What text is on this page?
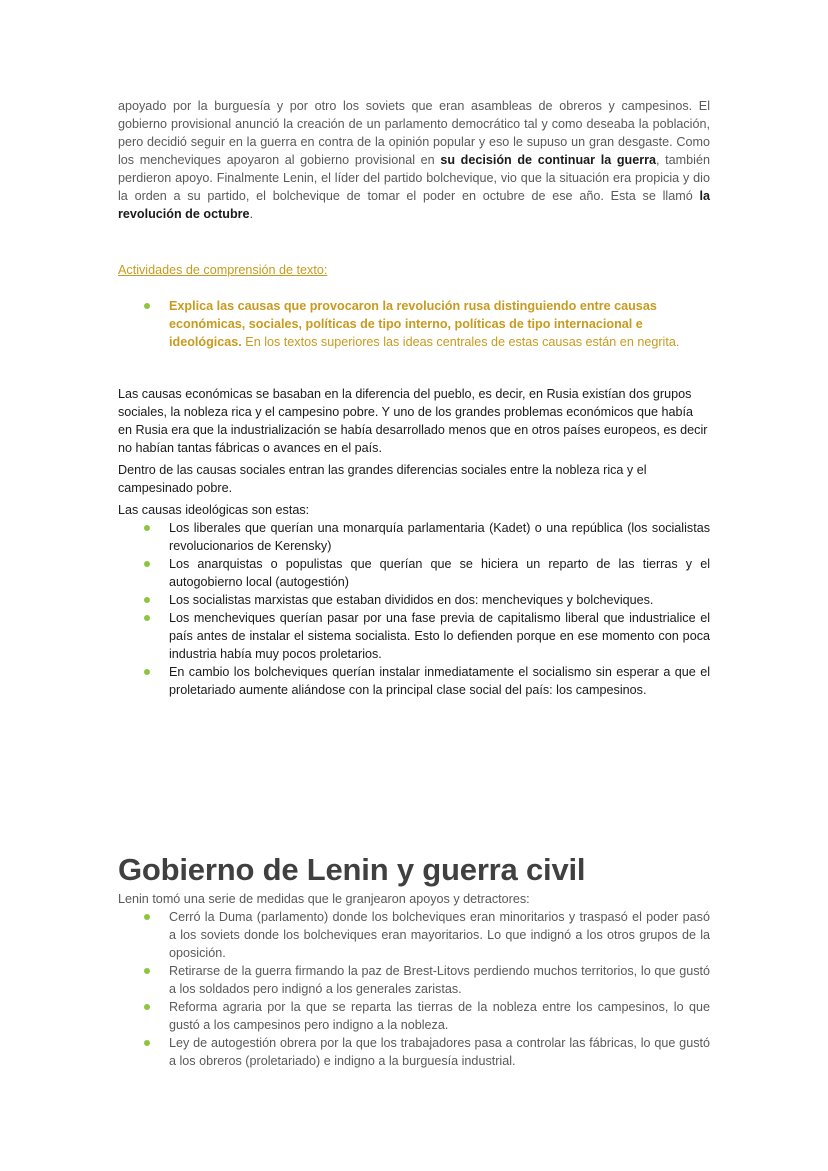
apoyado por la burguesía y por otro los soviets que eran asambleas de obreros y campesinos. El gobierno provisional anunció la creación de un parlamento democrático tal y como deseaba la población, pero decidió seguir en la guerra en contra de la opinión popular y eso le supuso un gran desgaste. Como los mencheviques apoyaron al gobierno provisional en su decisión de continuar la guerra, también perdieron apoyo. Finalmente Lenin, el líder del partido bolchevique, vio que la situación era propicia y dio la orden a su partido, el bolchevique de tomar el poder en octubre de ese año. Esta se llamó la revolución de octubre.

Actividades de comprensión de texto:

Explica las causas que provocaron la revolución rusa distinguiendo entre causas económicas, sociales, políticas de tipo interno, políticas de tipo internacional e ideológicas. En los textos superiores las ideas centrales de estas causas están en negrita.

Las causas económicas se basaban en la diferencia del pueblo, es decir, en Rusia existían dos grupos sociales, la nobleza rica y el campesino pobre. Y uno de los grandes problemas económicos que había en Rusia era que la industrialización se había desarrollado menos que en otros países europeos, es decir no habían tantas fábricas o avances en el país.

Dentro de las causas sociales entran las grandes diferencias sociales entre la nobleza rica y el campesinado pobre.

Las causas ideológicas son estas:

Los liberales que querían una monarquía parlamentaria (Kadet) o una república (los socialistas revolucionarios de Kerensky)
Los anarquistas o populistas que querían que se hiciera un reparto de las tierras y el autogobierno local (autogestión)
Los socialistas marxistas que estaban divididos en dos: mencheviques y bolcheviques.
Los mencheviques querían pasar por una fase previa de capitalismo liberal que industrialice el país antes de instalar el sistema socialista. Esto lo defienden porque en ese momento con poca industria había muy pocos proletarios.
En cambio los bolcheviques querían instalar inmediatamente el socialismo sin esperar a que el proletariado aumente aliándose con la principal clase social del país: los campesinos.
Gobierno de Lenin y guerra civil

Lenin tomó una serie de medidas que le granjearon apoyos y detractores:

Cerró la Duma (parlamento) donde los bolcheviques eran minoritarios y traspasó el poder pasó a los soviets donde los bolcheviques eran mayoritarios. Lo que indignó a los otros grupos de la oposición.
Retirarse de la guerra firmando la paz de Brest-Litovs perdiendo muchos territorios, lo que gustó a los soldados pero indignó a los generales zaristas.
Reforma agraria por la que se reparta las tierras de la nobleza entre los campesinos, lo que gustó a los campesinos pero indigno a la nobleza.
Ley de autogestión obrera por la que los trabajadores pasa a controlar las fábricas, lo que gustó a los obreros (proletariado) e indigno a la burguesía industrial.
